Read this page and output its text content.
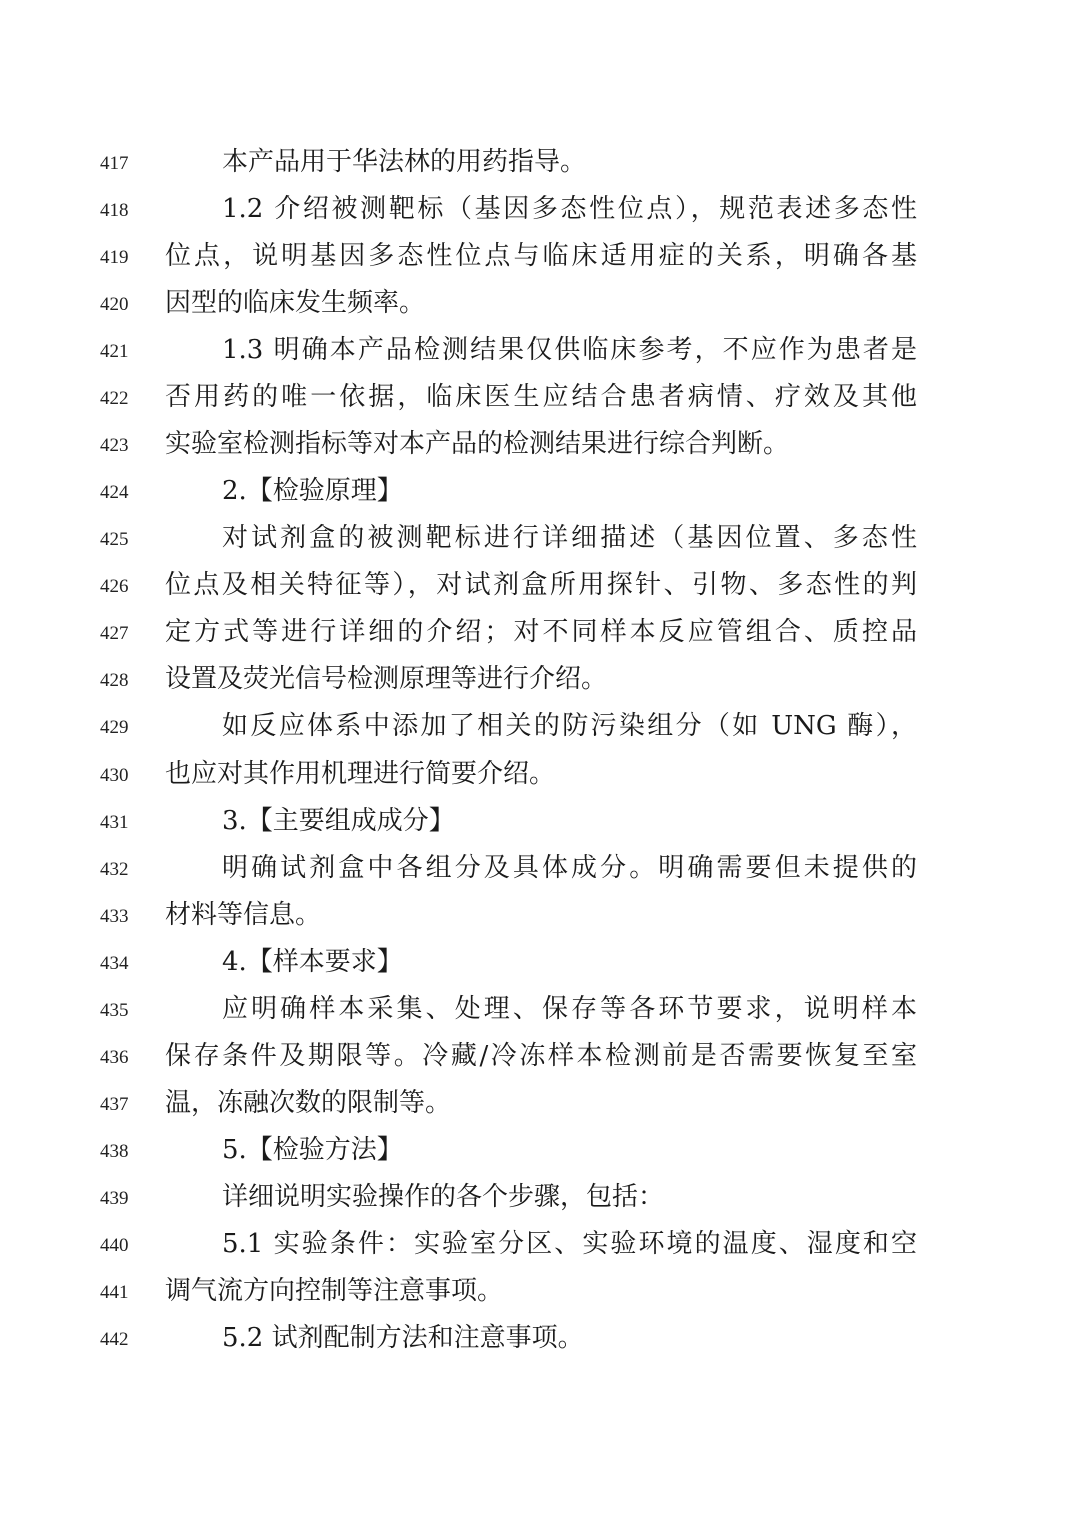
417	本产品用于华法林的用药指导。
418	1.2 介绍被测靶标（基因多态性位点），规范表述多态性
419 位点，说明基因多态性位点与临床适用症的关系，明确各基
420 因型的临床发生频率。
421	1.3 明确本产品检测结果仅供临床参考，不应作为患者是
422 否用药的唯一依据，临床医生应结合患者病情、疗效及其他
423 实验室检测指标等对本产品的检测结果进行综合判断。
424	2.【检验原理】
425	对试剂盒的被测靶标进行详细描述（基因位置、多态性
426 位点及相关特征等），对试剂盒所用探针、引物、多态性的判
427 定方式等进行详细的介绍；对不同样本反应管组合、质控品
428 设置及荧光信号检测原理等进行介绍。
429	如反应体系中添加了相关的防污染组分（如 UNG 酶），
430 也应对其作用机理进行简要介绍。
431	3.【主要组成成分】
432	明确试剂盒中各组分及具体成分。明确需要但未提供的
433 材料等信息。
434	4.【样本要求】
435	应明确样本采集、处理、保存等各环节要求，说明样本
436 保存条件及期限等。冷藏/冷冻样本检测前是否需要恢复至室
437 温，冻融次数的限制等。
438	5.【检验方法】
439	详细说明实验操作的各个步骤，包括：
440	5.1 实验条件：实验室分区、实验环境的温度、湿度和空
441 调气流方向控制等注意事项。
442	5.2 试剂配制方法和注意事项。
